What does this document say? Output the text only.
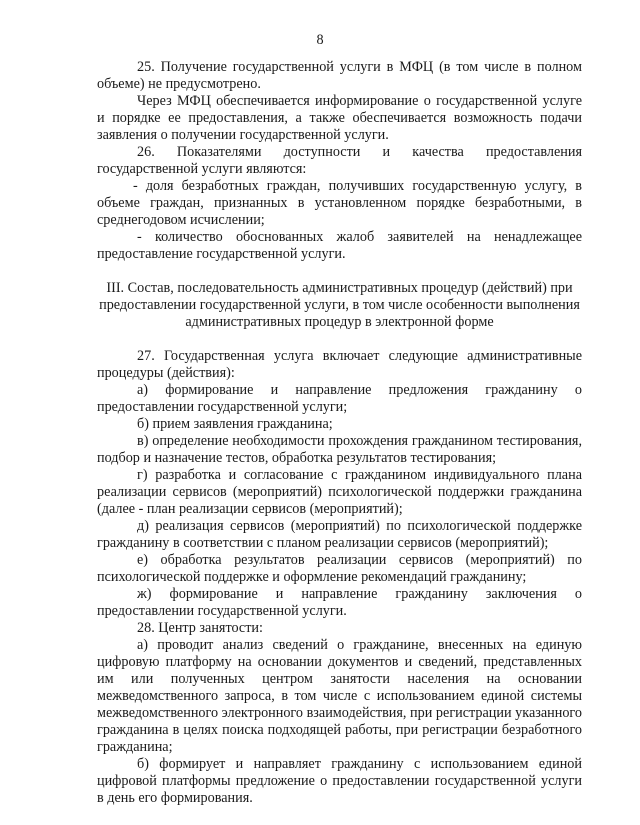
8

25. Получение государственной услуги в МФЦ (в том числе в полном объеме) не предусмотрено.

Через МФЦ обеспечивается информирование о государственной услуге и порядке ее предоставления, а также обеспечивается возможность подачи заявления о получении государственной услуги.

26. Показателями доступности и качества предоставления государственной услуги являются:

- доля безработных граждан, получивших государственную услугу, в объеме граждан, признанных в установленном порядке безработными, в среднегодовом исчислении;

- количество обоснованных жалоб заявителей на ненадлежащее предоставление государственной услуги.

III. Состав, последовательность административных процедур (действий) при предоставлении государственной услуги, в том числе особенности выполнения административных процедур в электронной форме

27. Государственная услуга включает следующие административные процедуры (действия):

а) формирование и направление предложения гражданину о предоставлении государственной услуги;

б) прием заявления гражданина;

в) определение необходимости прохождения гражданином тестирования, подбор и назначение тестов, обработка результатов тестирования;

г) разработка и согласование с гражданином индивидуального плана реализации сервисов (мероприятий) психологической поддержки гражданина (далее - план реализации сервисов (мероприятий);

д) реализация сервисов (мероприятий) по психологической поддержке гражданину в соответствии с планом реализации сервисов (мероприятий);

е) обработка результатов реализации сервисов (мероприятий) по психологической поддержке и оформление рекомендаций гражданину;

ж) формирование и направление гражданину заключения о предоставлении государственной услуги.

28. Центр занятости:

а) проводит анализ сведений о гражданине, внесенных на единую цифровую платформу на основании документов и сведений, представленных им или полученных центром занятости населения на основании межведомственного запроса, в том числе с использованием единой системы межведомственного электронного взаимодействия, при регистрации указанного гражданина в целях поиска подходящей работы, при регистрации безработного гражданина;

б) формирует и направляет гражданину с использованием единой цифровой платформы предложение о предоставлении государственной услуги в день его формирования.
